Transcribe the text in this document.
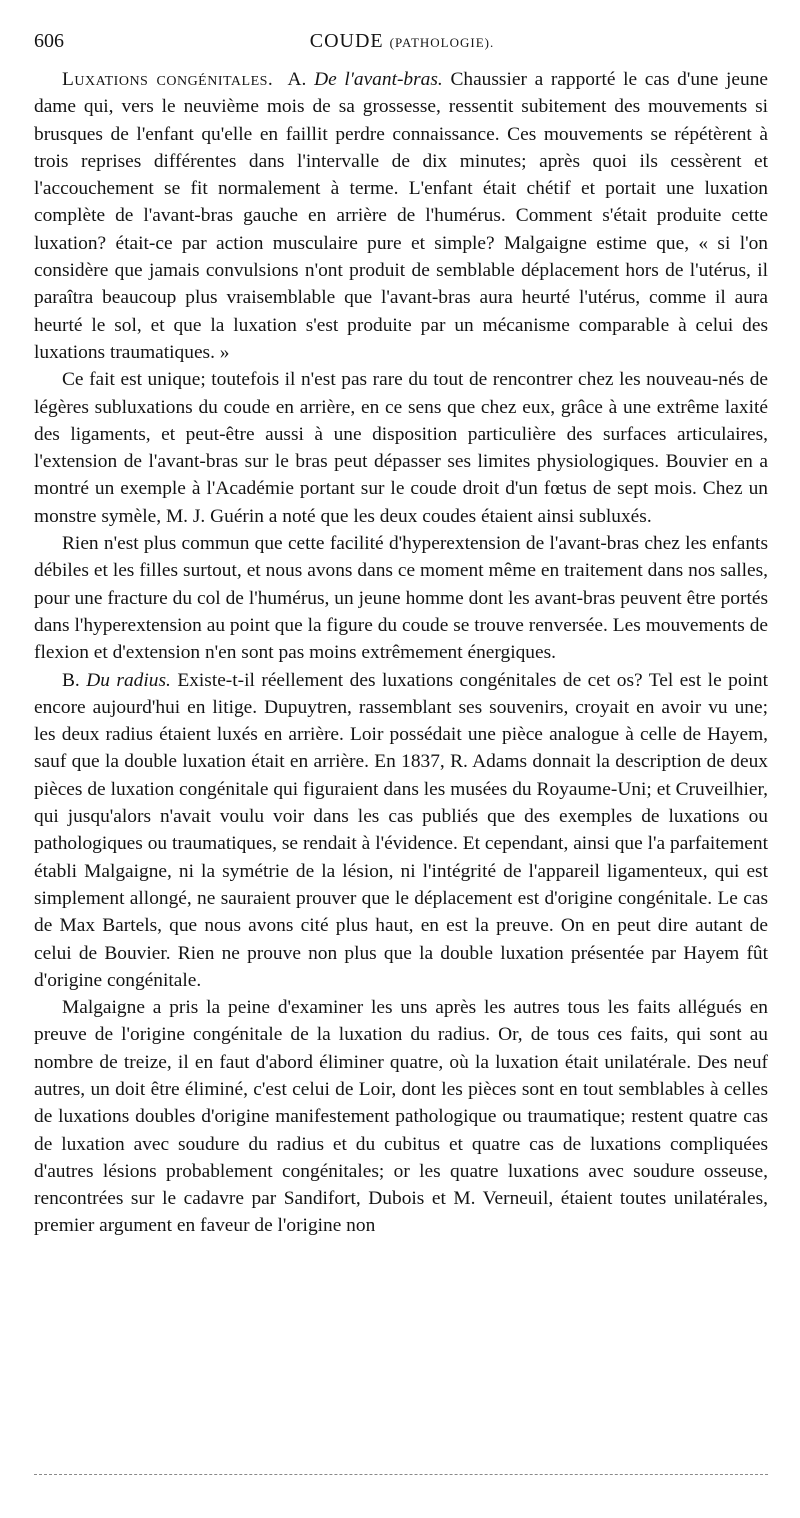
606	COUDE (PATHOLOGIE).

Luxations congénitales. A. De l'avant-bras. Chaussier a rapporté le cas d'une jeune dame qui, vers le neuvième mois de sa grossesse, ressentit subitement des mouvements si brusques de l'enfant qu'elle en faillit perdre connaissance. Ces mouvements se répétèrent à trois reprises différentes dans l'intervalle de dix minutes; après quoi ils cessèrent et l'accouchement se fit normalement à terme. L'enfant était chétif et portait une luxation complète de l'avant-bras gauche en arrière de l'humérus. Comment s'était produite cette luxation? était-ce par action musculaire pure et simple? Malgaigne estime que, « si l'on considère que jamais convulsions n'ont produit de semblable déplacement hors de l'utérus, il paraîtra beaucoup plus vraisemblable que l'avant-bras aura heurté l'utérus, comme il aura heurté le sol, et que la luxation s'est produite par un mécanisme comparable à celui des luxations traumatiques. »

Ce fait est unique; toutefois il n'est pas rare du tout de rencontrer chez les nouveau-nés de légères subluxations du coude en arrière, en ce sens que chez eux, grâce à une extrême laxité des ligaments, et peut-être aussi à une disposition particulière des surfaces articulaires, l'extension de l'avant-bras sur le bras peut dépasser ses limites physiologiques. Bouvier en a montré un exemple à l'Académie portant sur le coude droit d'un fœtus de sept mois. Chez un monstre symèle, M. J. Guérin a noté que les deux coudes étaient ainsi subluxés.

Rien n'est plus commun que cette facilité d'hyperextension de l'avant-bras chez les enfants débiles et les filles surtout, et nous avons dans ce moment même en traitement dans nos salles, pour une fracture du col de l'humérus, un jeune homme dont les avant-bras peuvent être portés dans l'hyperextension au point que la figure du coude se trouve renversée. Les mouvements de flexion et d'extension n'en sont pas moins extrêmement énergiques.

B. Du radius. Existe-t-il réellement des luxations congénitales de cet os? Tel est le point encore aujourd'hui en litige. Dupuytren, rassemblant ses souvenirs, croyait en avoir vu une; les deux radius étaient luxés en arrière. Loir possédait une pièce analogue à celle de Hayem, sauf que la double luxation était en arrière. En 1837, R. Adams donnait la description de deux pièces de luxation congénitale qui figuraient dans les musées du Royaume-Uni; et Cruveilhier, qui jusqu'alors n'avait voulu voir dans les cas publiés que des exemples de luxations ou pathologiques ou traumatiques, se rendait à l'évidence. Et cependant, ainsi que l'a parfaitement établi Malgaigne, ni la symétrie de la lésion, ni l'intégrité de l'appareil ligamenteux, qui est simplement allongé, ne sauraient prouver que le déplacement est d'origine congénitale. Le cas de Max Bartels, que nous avons cité plus haut, en est la preuve. On en peut dire autant de celui de Bouvier. Rien ne prouve non plus que la double luxation présentée par Hayem fût d'origine congénitale.

Malgaigne a pris la peine d'examiner les uns après les autres tous les faits allégués en preuve de l'origine congénitale de la luxation du radius. Or, de tous ces faits, qui sont au nombre de treize, il en faut d'abord éliminer quatre, où la luxation était unilatérale. Des neuf autres, un doit être éliminé, c'est celui de Loir, dont les pièces sont en tout semblables à celles de luxations doubles d'origine manifestement pathologique ou traumatique; restent quatre cas de luxation avec soudure du radius et du cubitus et quatre cas de luxations compliquées d'autres lésions probablement congénitales; or les quatre luxations avec soudure osseuse, rencontrées sur le cadavre par Sandifort, Dubois et M. Verneuil, étaient toutes unilatérales, premier argument en faveur de l'origine non
